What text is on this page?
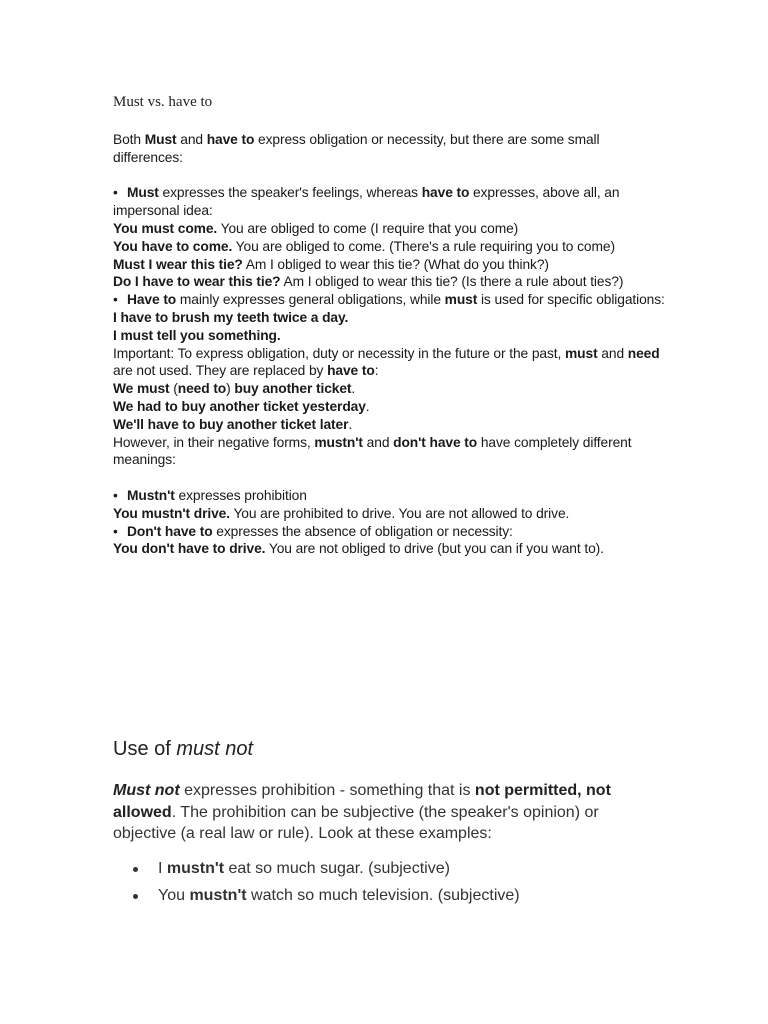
Must vs. have to

Both Must and have to express obligation or necessity, but there are some small differences:

• Must expresses the speaker's feelings, whereas have to expresses, above all, an impersonal idea:

You must come. You are obliged to come (I require that you come)

You have to come. You are obliged to come. (There's a rule requiring you to come)

Must I wear this tie? Am I obliged to wear this tie? (What do you think?)

Do I have to wear this tie? Am I obliged to wear this tie? (Is there a rule about ties?)

• Have to mainly expresses general obligations, while must is used for specific obligations:

I have to brush my teeth twice a day.

I must tell you something.

Important: To express obligation, duty or necessity in the future or the past, must and need are not used. They are replaced by have to:

We must (need to) buy another ticket.

We had to buy another ticket yesterday.

We'll have to buy another ticket later.

However, in their negative forms, mustn't and don't have to have completely different meanings:

• Mustn't expresses prohibition

You mustn't drive. You are prohibited to drive. You are not allowed to drive.

• Don't have to expresses the absence of obligation or necessity:

You don't have to drive. You are not obliged to drive (but you can if you want to).

Use of must not

Must not expresses prohibition - something that is not permitted, not allowed. The prohibition can be subjective (the speaker's opinion) or objective (a real law or rule). Look at these examples:

I mustn't eat so much sugar. (subjective)
You mustn't watch so much television. (subjective)
